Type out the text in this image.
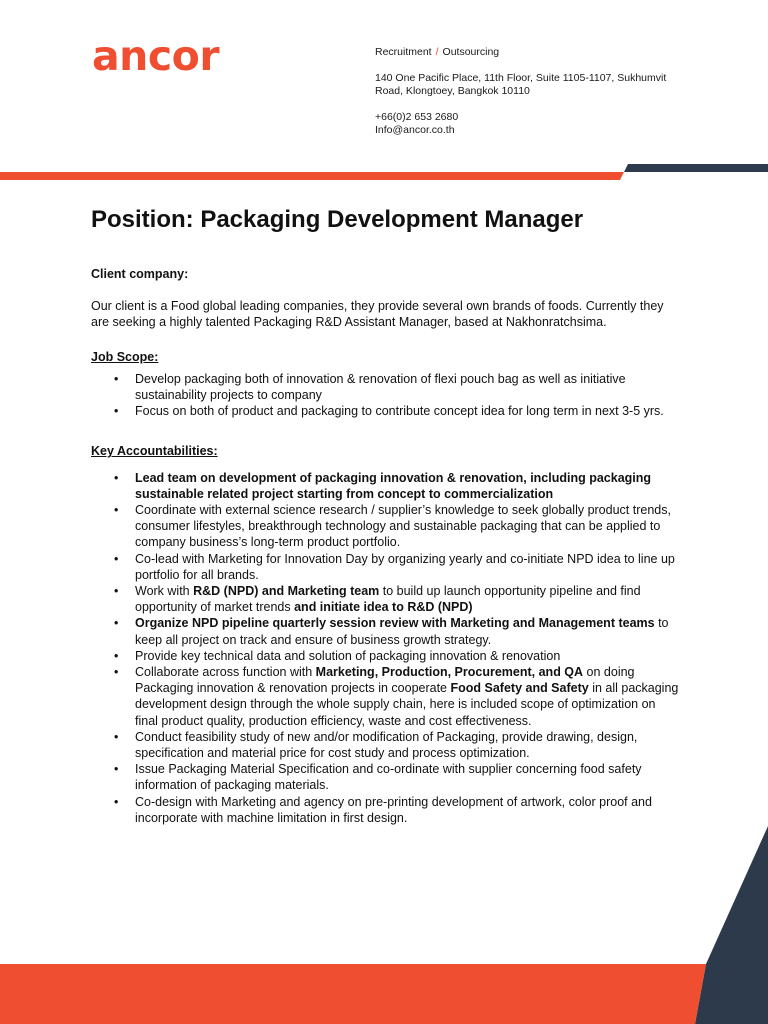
ancor	Recruitment / Outsourcing
140 One Pacific Place, 11th Floor, Suite 1105-1107, Sukhumvit
Road, Klongtoey, Bangkok 10110
+66(0)2 653 2680
Info@ancor.co.th
Position: Packaging Development Manager

Client company:

Our client is a Food global leading companies, they provide several own brands of foods. Currently they are seeking a highly talented Packaging R&D Assistant Manager, based at Nakhonratchsima.

Job Scope:

• Develop packaging both of innovation & renovation of flexi pouch bag as well as initiative sustainability projects to company
• Focus on both of product and packaging to contribute concept idea for long term in next 3-5 yrs.

Key Accountabilities:

• Lead team on development of packaging innovation & renovation, including packaging sustainable related project starting from concept to commercialization
• Coordinate with external science research / supplier’s knowledge to seek globally product trends, consumer lifestyles, breakthrough technology and sustainable packaging that can be applied to company business’s long-term product portfolio.
• Co-lead with Marketing for Innovation Day by organizing yearly and co-initiate NPD idea to line up portfolio for all brands.
• Work with R&D (NPD) and Marketing team to build up launch opportunity pipeline and find opportunity of market trends and initiate idea to R&D (NPD)
• Organize NPD pipeline quarterly session review with Marketing and Management teams to keep all project on track and ensure of business growth strategy.
• Provide key technical data and solution of packaging innovation & renovation
• Collaborate across function with Marketing, Production, Procurement, and QA on doing Packaging innovation & renovation projects in cooperate Food Safety and Safety in all packaging development design through the whole supply chain, here is included scope of optimization on final product quality, production efficiency, waste and cost effectiveness.
• Conduct feasibility study of new and/or modification of Packaging, provide drawing, design, specification and material price for cost study and process optimization.
• Issue Packaging Material Specification and co-ordinate with supplier concerning food safety information of packaging materials.
• Co-design with Marketing and agency on pre-printing development of artwork, color proof and incorporate with machine limitation in first design.
